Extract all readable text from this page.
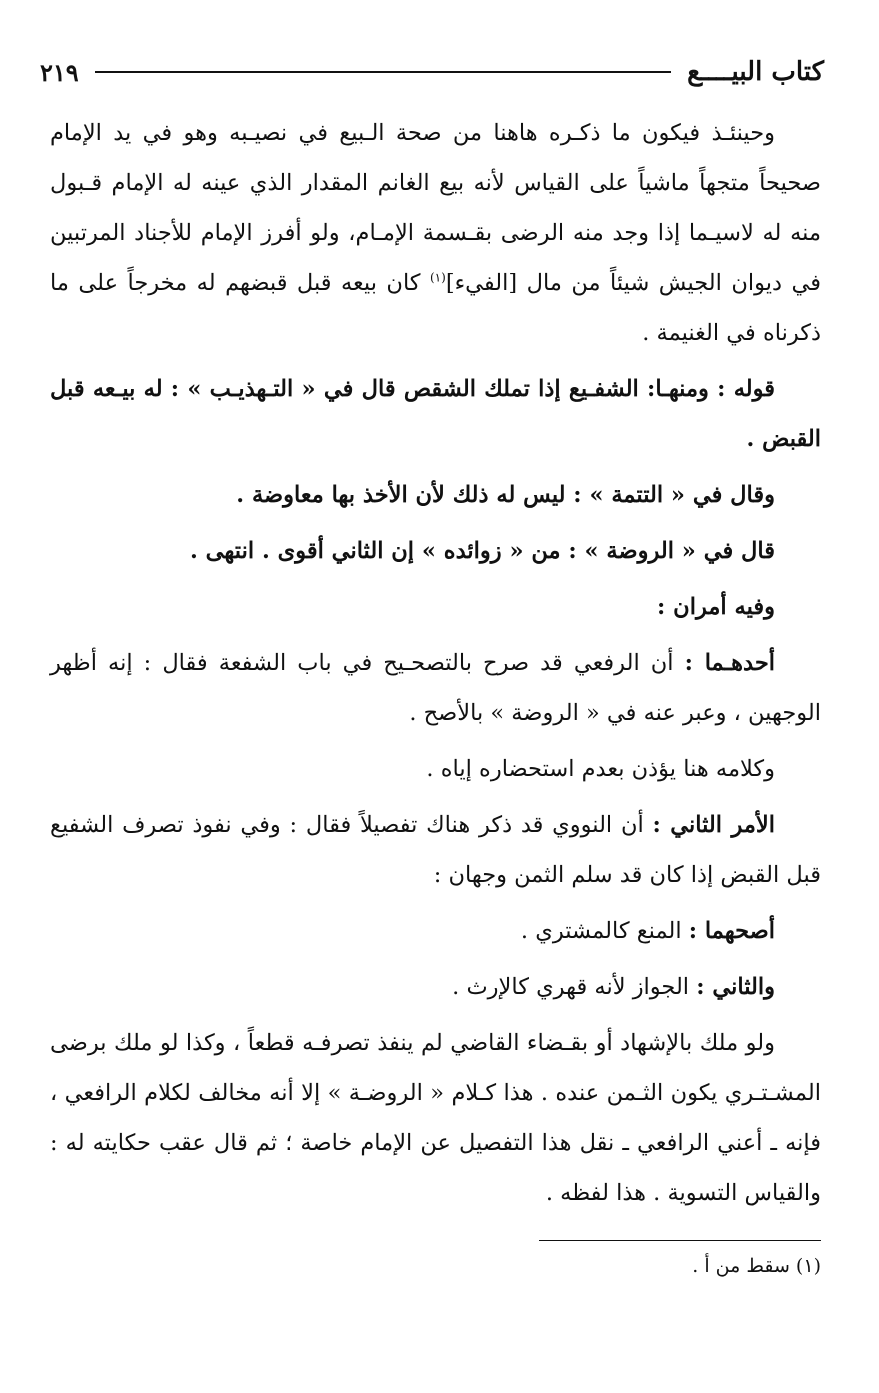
كتاب البيــــع
٢١٩

وحينئـذ فيكون ما ذكـره هاهنا من صحة الـبيع في نصيـبه وهو في يد الإمام صحيحاً متجهاً ماشياً على القياس لأنه بيع الغانم المقدار الذي عينه له الإمام قـبول منه له لاسيـما إذا وجد منه الرضى بقـسمة الإمـام، ولو أفرز الإمام للأجناد المرتبين في ديوان الجيش شيئاً من مال [الفيء]$^{(١)}$ كان بيعه قبل قبضهم له مخرجاً على ما ذكرناه في الغنيمة .

قوله : ومنهـا: الشفـيع إذا تملك الشقص قال في « التـهذيـب » : له بيـعه قبل القبض .

وقال في « التتمة » : ليس له ذلك لأن الأخذ بها معاوضة .

قال في « الروضة » : من « زوائده » إن الثاني أقوى . انتهى .

وفيه أمران :

أحدهـما : أن الرفعي قد صرح بالتصحـيح في باب الشفعة فقال : إنه أظهر الوجهين ، وعبر عنه في « الروضة » بالأصح .

وكلامه هنا يؤذن بعدم استحضاره إياه .

الأمر الثاني : أن النووي قد ذكر هناك تفصيلاً فقال : وفي نفوذ تصرف الشفيع قبل القبض إذا كان قد سلم الثمن وجهان :

أصحهما : المنع كالمشتري .

والثاني : الجواز لأنه قهري كالإرث .

ولو ملك بالإشهاد أو بقـضاء القاضي لم ينفذ تصرفـه قطعاً ، وكذا لو ملك برضى المشـتـري يكون الثـمن عنده . هذا كـلام « الروضـة » إلا أنه مخالف لكلام الرافعي ، فإنه ـ أعني الرافعي ـ نقل هذا التفصيل عن الإمام خاصة ؛ ثم قال عقب حكايته له : والقياس التسوية . هذا لفظه .

(١) سقط من أ .
